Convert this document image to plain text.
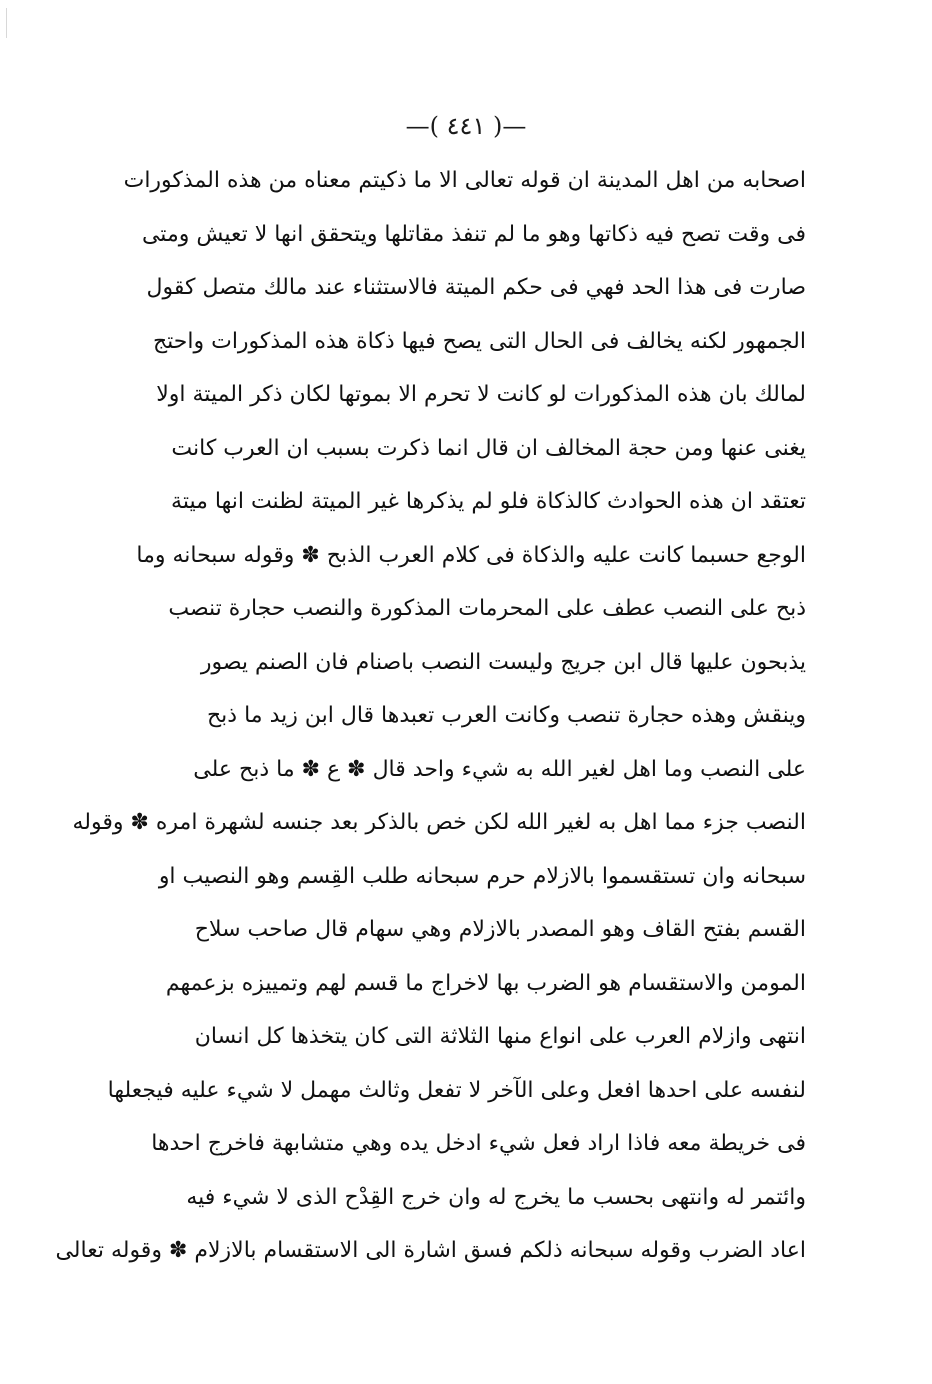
—( ٤٤١ )—
اصحابه من اهل المدينة ان قوله تعالى الا ما ذكيتم معناه من هذه المذكورات
فى وقت تصح فيه ذكاتها وهو ما لم تنفذ مقاتلها ويتحقق انها لا تعيش ومتى
صارت فى هذا الحد فهي فى حكم الميتة فالاستثناء عند مالك متصل كقول
الجمهور لكنه يخالف فى الحال التى يصح فيها ذكاة هذه المذكورات واحتج
لمالك بان هذه المذكورات لو كانت لا تحرم الا بموتها لكان ذكر الميتة اولا
يغنى عنها ومن حجة المخالف ان قال انما ذكرت بسبب ان العرب كانت
تعتقد ان هذه الحوادث كالذكاة فلو لم يذكرها غير الميتة لظنت انها ميتة
الوجع حسبما كانت عليه والذكاة فى كلام العرب الذبح ✽ وقوله سبحانه وما
ذبح على النصب عطف على المحرمات المذكورة والنصب حجارة تنصب
يذبحون عليها قال ابن جريج وليست النصب باصنام فان الصنم يصور
وينقش وهذه حجارة تنصب وكانت العرب تعبدها قال ابن زيد ما ذبح
على النصب وما اهل لغير الله به شيء واحد قال ✽ ع ✽ ما ذبح على
النصب جزء مما اهل به لغير الله لكن خص بالذكر بعد جنسه لشهرة امره ✽ وقوله
سبحانه وان تستقسموا بالازلام حرم سبحانه طلب القِسم وهو النصيب او
القسم بفتح القاف وهو المصدر بالازلام وهي سهام قال صاحب سلاح
المومن والاستقسام هو الضرب بها لاخراج ما قسم لهم وتمييزه بزعمهم
انتهى وازلام العرب على انواع منها الثلاثة التى كان يتخذها كل انسان
لنفسه على احدها افعل وعلى الآخر لا تفعل وثالث مهمل لا شيء عليه فيجعلها
فى خريطة معه فاذا اراد فعل شيء ادخل يده وهي متشابهة فاخرج احدها
وائتمر له وانتهى بحسب ما يخرج له وان خرج القِدْح الذى لا شيء فيه
اعاد الضرب وقوله سبحانه ذلكم فسق اشارة الى الاستقسام بالازلام ✽ وقوله تعالى
